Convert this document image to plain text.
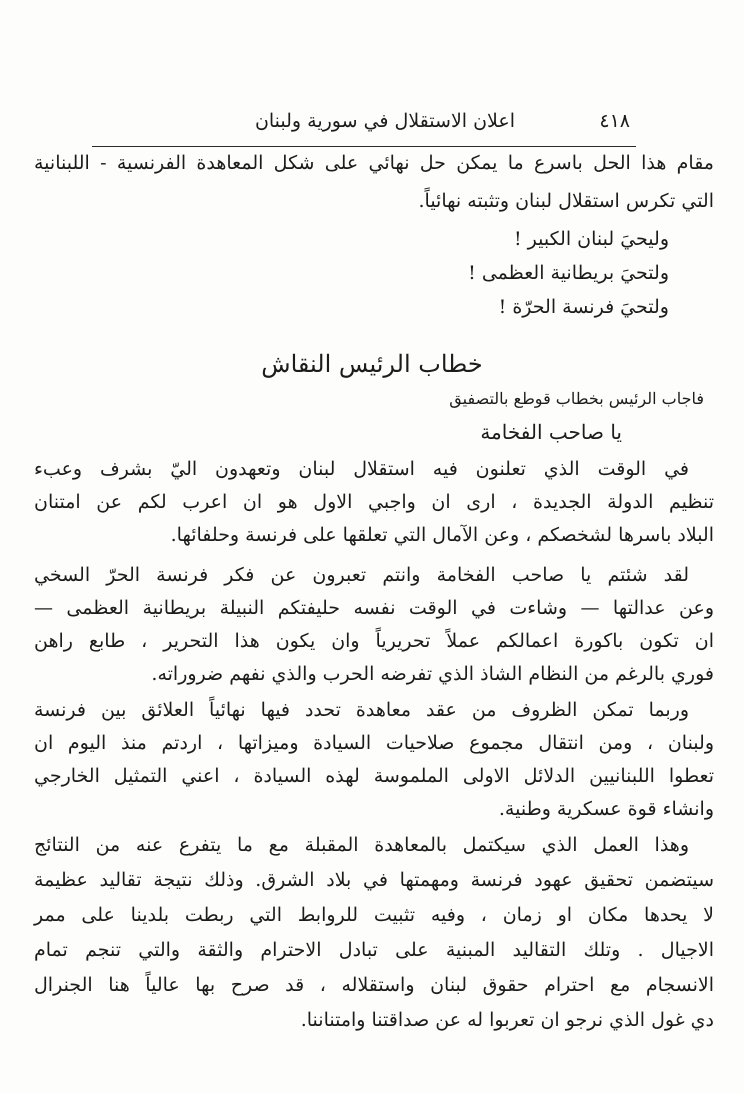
٤١٨
اعلان الاستقلال في سورية ولبنان
مقام هذا الحل باسرع ما يمكن حل نهائي على شكل المعاهدة الفرنسية - اللبنانية
التي تكرس استقلال لبنان وتثبته نهائياً.
وليحيَ لبنان الكبير !
ولتحيَ بريطانية العظمى !
ولتحيَ فرنسة الحرّة !
خطاب الرئيس النقاش
فاجاب الرئيس بخطاب قوطع بالتصفيق
يا صاحب الفخامة
في الوقت الذي تعلنون فيه استقلال لبنان وتعهدون اليّ بشرف وعبء
تنظيم الدولة الجديدة ، ارى ان واجبي الاول هو ان اعرب لكم عن امتنان
البلاد باسرها لشخصكم ، وعن الآمال التي تعلقها على فرنسة وحلفائها.
لقد شئتم يا صاحب الفخامة وانتم تعبرون عن فكر فرنسة الحرّ السخي
وعن عدالتها — وشاءت في الوقت نفسه حليفتكم النبيلة بريطانية العظمى —
ان تكون باكورة اعمالكم عملاً تحريرياً وان يكون هذا التحرير ، طابع راهن
فوري بالرغم من النظام الشاذ الذي تفرضه الحرب والذي نفهم ضروراته.
وربما تمكن الظروف من عقد معاهدة تحدد فيها نهائياً العلائق بين فرنسة
ولبنان ، ومن انتقال مجموع صلاحيات السيادة وميزاتها ، اردتم منذ اليوم ان
تعطوا اللبنانيين الدلائل الاولى الملموسة لهذه السيادة ، اعني التمثيل الخارجي
وانشاء قوة عسكرية وطنية.
وهذا العمل الذي سيكتمل بالمعاهدة المقبلة مع ما يتفرع عنه من النتائج
سيتضمن تحقيق عهود فرنسة ومهمتها في بلاد الشرق. وذلك نتيجة تقاليد عظيمة
لا يحدها مكان او زمان ، وفيه تثبيت للروابط التي ربطت بلدينا على ممر
الاجيال . وتلك التقاليد المبنية على تبادل الاحترام والثقة والتي تنجم تمام
الانسجام مع احترام حقوق لبنان واستقلاله ، قد صرح بها عالياً هنا الجنرال
دي غول الذي نرجو ان تعربوا له عن صداقتنا وامتناننا.
